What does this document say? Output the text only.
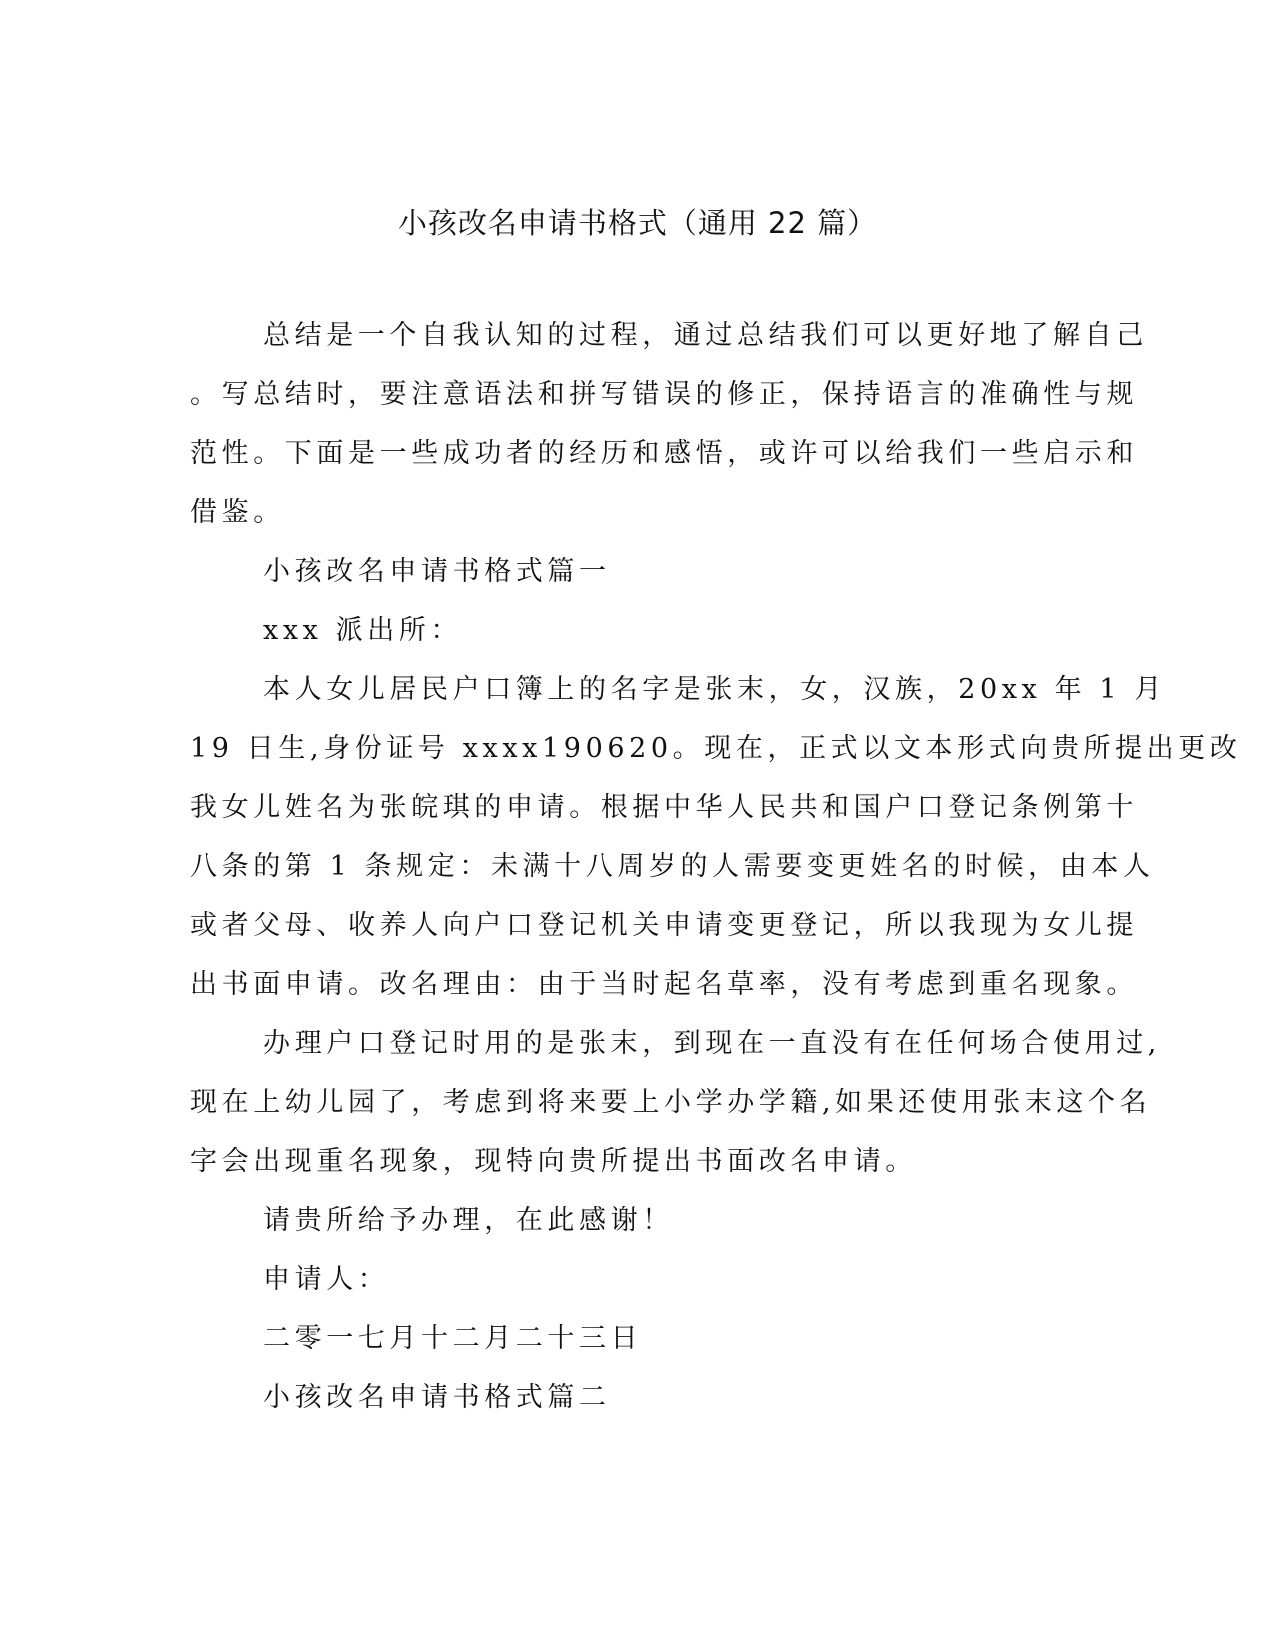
小孩改名申请书格式（通用 22 篇）
总结是一个自我认知的过程，通过总结我们可以更好地了解自己
。写总结时，要注意语法和拼写错误的修正，保持语言的准确性与规
范性。下面是一些成功者的经历和感悟，或许可以给我们一些启示和
借鉴。
小孩改名申请书格式篇一
xxx 派出所：
本人女儿居民户口簿上的名字是张末，女，汉族，20xx 年 1 月
19 日生,身份证号 xxxx190620。现在，正式以文本形式向贵所提出更改
我女儿姓名为张皖琪的申请。根据中华人民共和国户口登记条例第十
八条的第 1 条规定：未满十八周岁的人需要变更姓名的时候，由本人
或者父母、收养人向户口登记机关申请变更登记，所以我现为女儿提
出书面申请。改名理由：由于当时起名草率，没有考虑到重名现象。
办理户口登记时用的是张末，到现在一直没有在任何场合使用过,
现在上幼儿园了，考虑到将来要上小学办学籍,如果还使用张末这个名
字会出现重名现象，现特向贵所提出书面改名申请。
请贵所给予办理，在此感谢！
申请人：
二零一七月十二月二十三日
小孩改名申请书格式篇二
